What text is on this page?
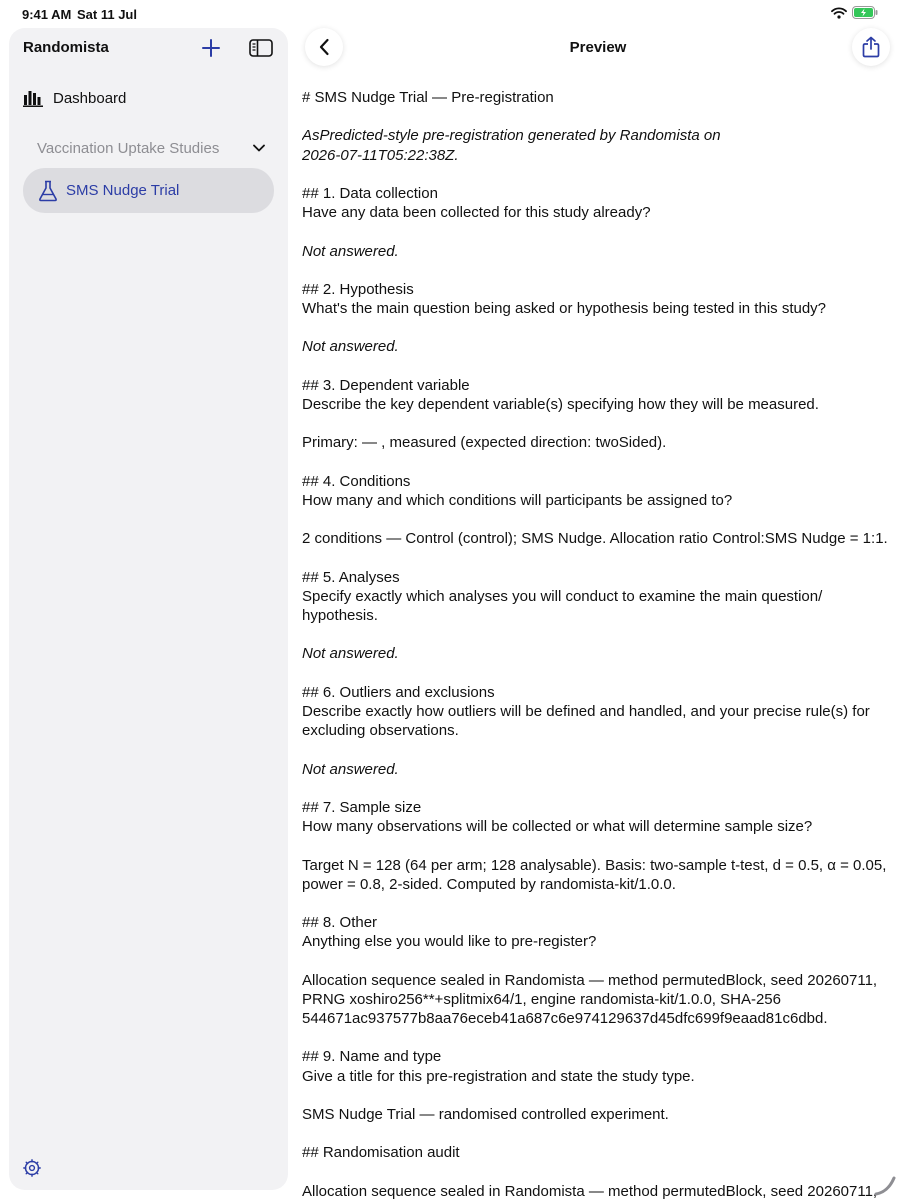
9:41 AM Sat 11 Jul
Randomista
Dashboard
Vaccination Uptake Studies
SMS Nudge Trial
Preview
# SMS Nudge Trial — Pre-registration
AsPredicted-style pre-registration generated by Randomista on
2026-07-11T05:22:38Z.
## 1. Data collection
Have any data been collected for this study already?
Not answered.
## 2. Hypothesis
What's the main question being asked or hypothesis being tested in this study?
Not answered.
## 3. Dependent variable
Describe the key dependent variable(s) specifying how they will be measured.
Primary: — , measured (expected direction: twoSided).
## 4. Conditions
How many and which conditions will participants be assigned to?
2 conditions — Control (control); SMS Nudge. Allocation ratio Control:SMS Nudge = 1:1.
## 5. Analyses
Specify exactly which analyses you will conduct to examine the main question/
hypothesis.
Not answered.
## 6. Outliers and exclusions
Describe exactly how outliers will be defined and handled, and your precise rule(s) for
excluding observations.
Not answered.
## 7. Sample size
How many observations will be collected or what will determine sample size?
Target N = 128 (64 per arm; 128 analysable). Basis: two-sample t-test, d = 0.5, α = 0.05,
power = 0.8, 2-sided. Computed by randomista-kit/1.0.0.
## 8. Other
Anything else you would like to pre-register?
Allocation sequence sealed in Randomista — method permutedBlock, seed 20260711,
PRNG xoshiro256**+splitmix64/1, engine randomista-kit/1.0.0, SHA-256
544671ac937577b8aa76eceb41a687c6e974129637d45dfc699f9eaad81c6dbd.
## 9. Name and type
Give a title for this pre-registration and state the study type.
SMS Nudge Trial — randomised controlled experiment.
## Randomisation audit
Allocation sequence sealed in Randomista — method permutedBlock, seed 20260711,
